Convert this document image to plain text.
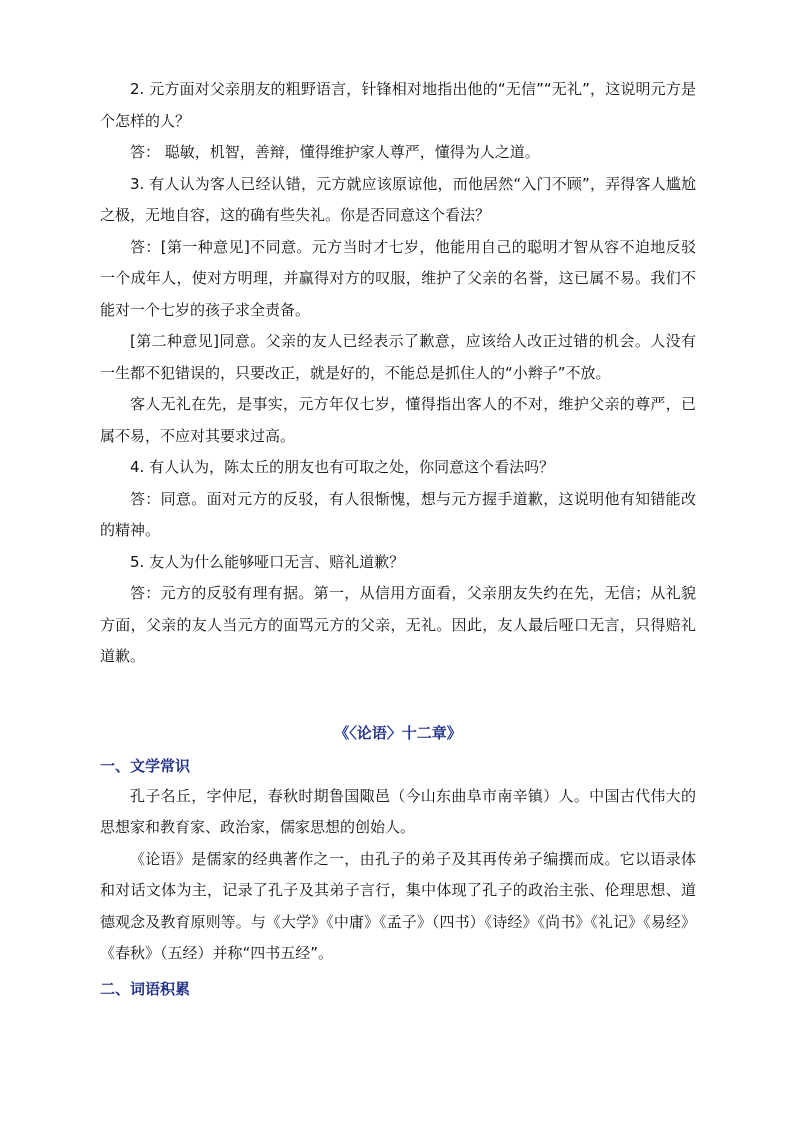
2. 元方面对父亲朋友的粗野语言，针锋相对地指出他的“无信”“无礼”，这说明元方是个怎样的人？

答： 聪敏，机智，善辩，懂得维护家人尊严，懂得为人之道。

3. 有人认为客人已经认错，元方就应该原谅他，而他居然“入门不顾”，弄得客人尴尬之极，无地自容，这的确有些失礼。你是否同意这个看法？

答：[第一种意见]不同意。元方当时才七岁，他能用自己的聪明才智从容不迫地反驳一个成年人，使对方明理，并赢得对方的叹服，维护了父亲的名誉，这已属不易。我们不能对一个七岁的孩子求全责备。

[第二种意见]同意。父亲的友人已经表示了歉意，应该给人改正过错的机会。人没有一生都不犯错误的，只要改正，就是好的，不能总是抓住人的“小辫子”不放。

客人无礼在先，是事实，元方年仅七岁，懂得指出客人的不对，维护父亲的尊严，已属不易，不应对其要求过高。

4. 有人认为，陈太丘的朋友也有可取之处，你同意这个看法吗？

答：同意。面对元方的反驳，有人很惭愧，想与元方握手道歉，这说明他有知错能改的精神。

5. 友人为什么能够哑口无言、赔礼道歉？

答：元方的反驳有理有据。第一，从信用方面看，父亲朋友失约在先，无信；从礼貌方面，父亲的友人当元方的面骂元方的父亲，无礼。因此，友人最后哑口无言，只得赔礼道歉。

《〈论语〉十二章》
一、文学常识

孔子名丘，字仲尼，春秋时期鲁国陬邑（今山东曲阜市南辛镇）人。中国古代伟大的思想家和教育家、政治家，儒家思想的创始人。

《论语》是儒家的经典著作之一，由孔子的弟子及其再传弟子编撰而成。它以语录体和对话文体为主，记录了孔子及其弟子言行，集中体现了孔子的政治主张、伦理思想、道德观念及教育原则等。与《大学》《中庸》《孟子》（四书）《诗经》《尚书》《礼记》《易经》《春秋》（五经）并称“四书五经”。

二、词语积累
